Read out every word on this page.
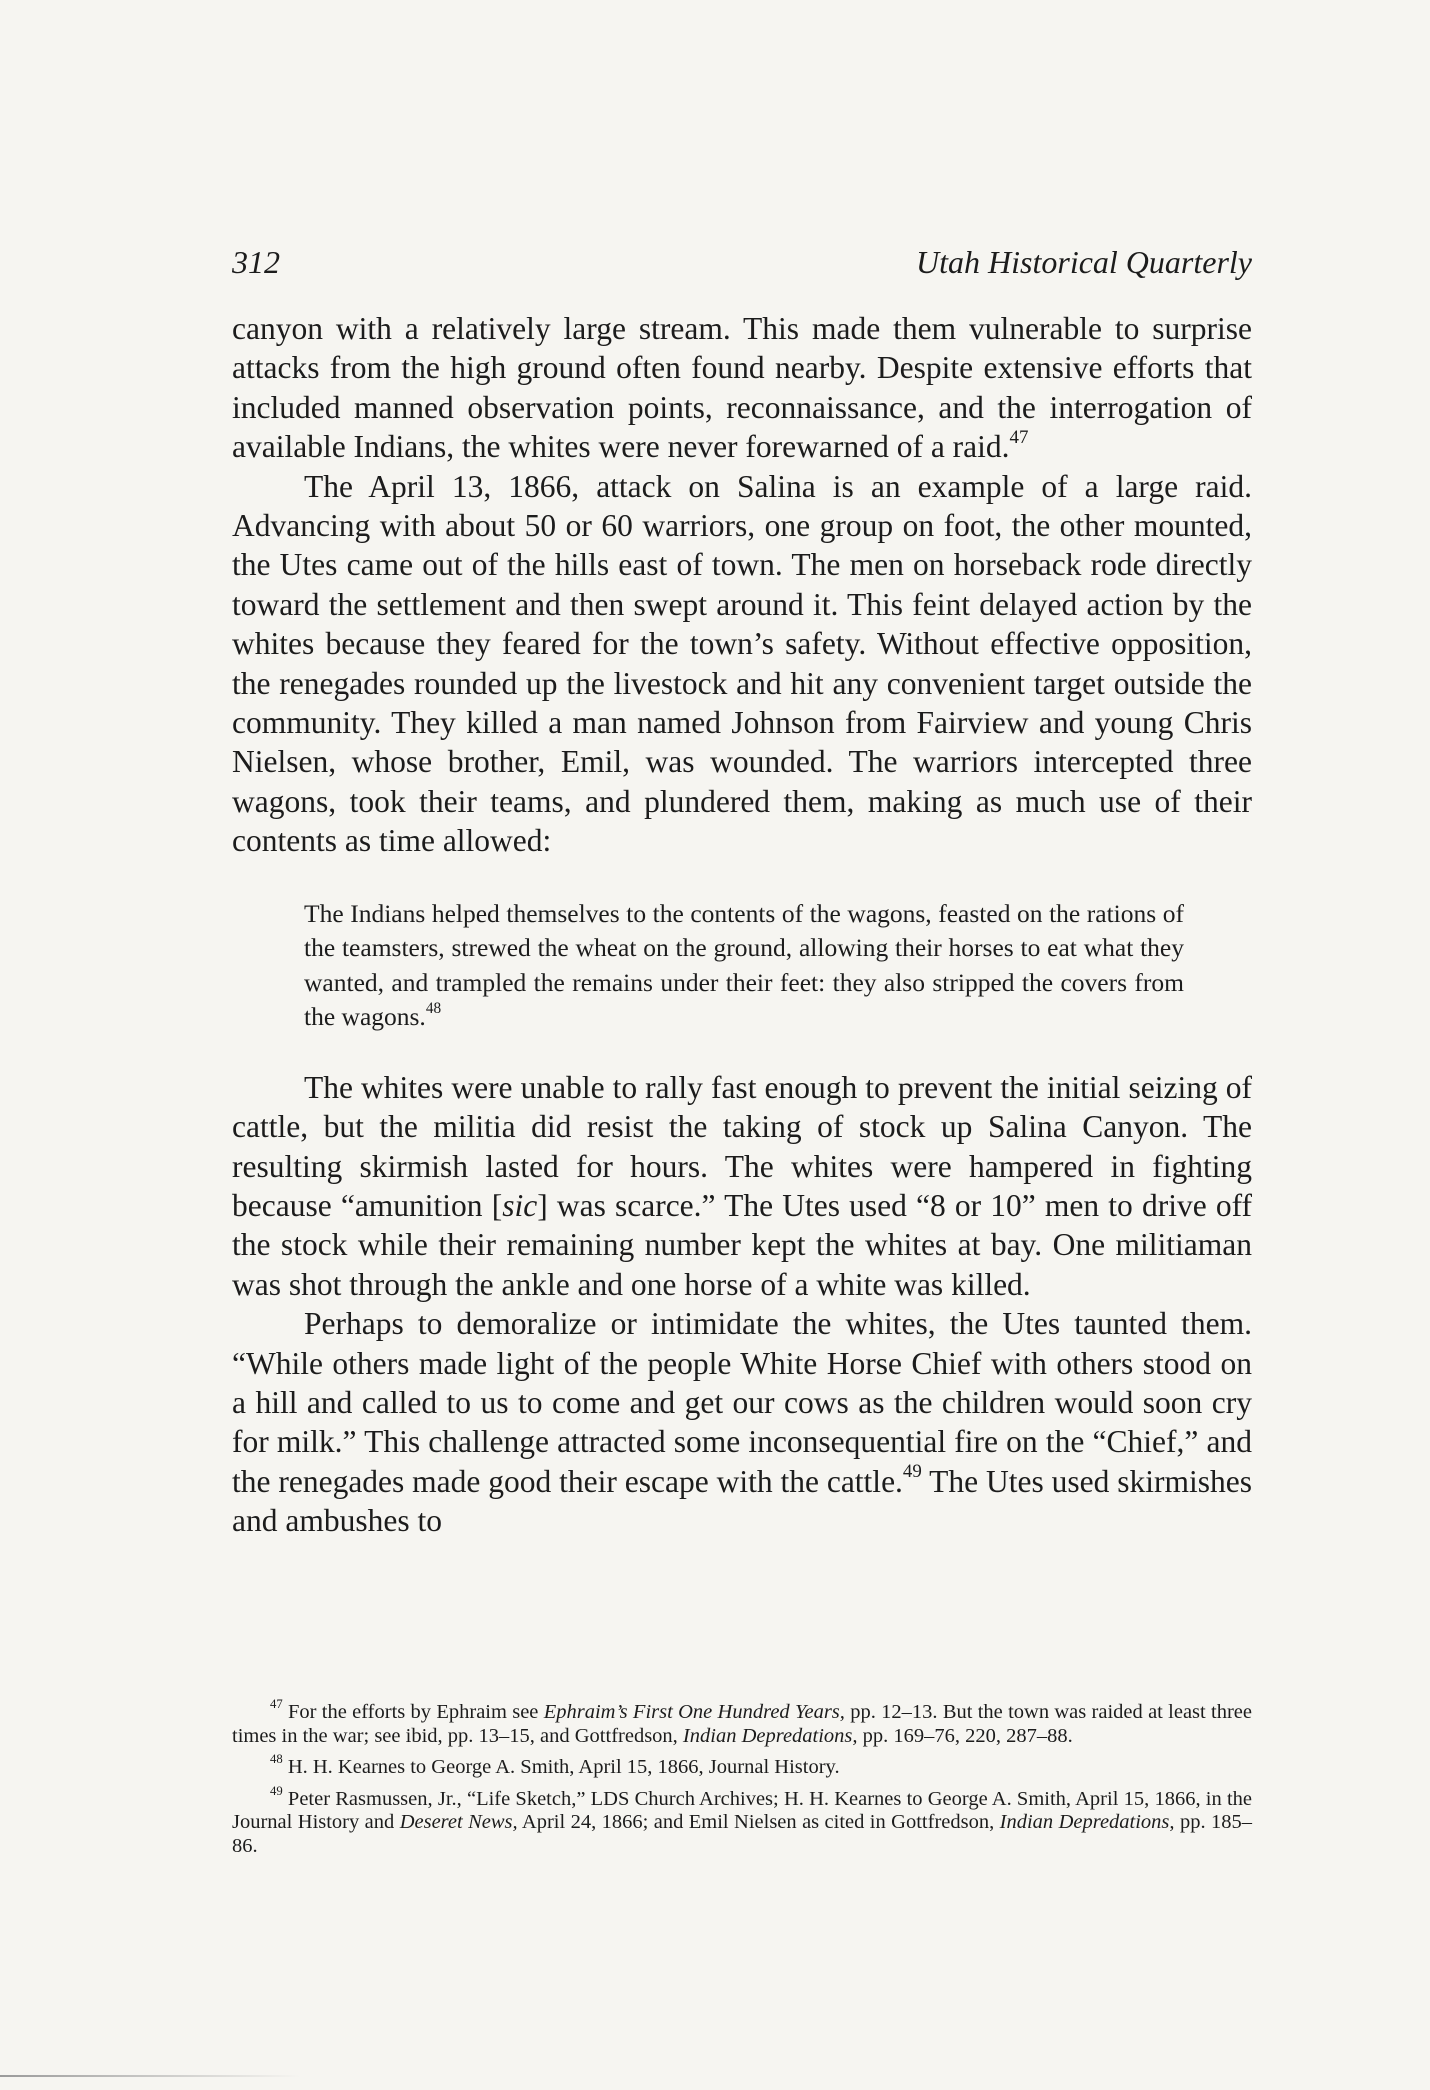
312	Utah Historical Quarterly

canyon with a relatively large stream. This made them vulnerable to surprise attacks from the high ground often found nearby. Despite extensive efforts that included manned observation points, reconnaissance, and the interrogation of available Indians, the whites were never forewarned of a raid.$^{47}$

The April 13, 1866, attack on Salina is an example of a large raid. Advancing with about 50 or 60 warriors, one group on foot, the other mounted, the Utes came out of the hills east of town. The men on horseback rode directly toward the settlement and then swept around it. This feint delayed action by the whites because they feared for the town’s safety. Without effective opposition, the renegades rounded up the livestock and hit any convenient target outside the community. They killed a man named Johnson from Fairview and young Chris Nielsen, whose brother, Emil, was wounded. The warriors intercepted three wagons, took their teams, and plundered them, making as much use of their contents as time allowed:

The Indians helped themselves to the contents of the wagons, feasted on the rations of the teamsters, strewed the wheat on the ground, allowing their horses to eat what they wanted, and trampled the remains under their feet: they also stripped the covers from the wagons.$^{48}$

The whites were unable to rally fast enough to prevent the initial seizing of cattle, but the militia did resist the taking of stock up Salina Canyon. The resulting skirmish lasted for hours. The whites were hampered in fighting because “amunition [sic] was scarce.” The Utes used “8 or 10” men to drive off the stock while their remaining number kept the whites at bay. One militiaman was shot through the ankle and one horse of a white was killed.

Perhaps to demoralize or intimidate the whites, the Utes taunted them. “While others made light of the people White Horse Chief with others stood on a hill and called to us to come and get our cows as the children would soon cry for milk.” This challenge attracted some inconsequential fire on the “Chief,” and the renegades made good their escape with the cattle.$^{49}$ The Utes used skirmishes and ambushes to

$^{47}$ For the efforts by Ephraim see Ephraim’s First One Hundred Years, pp. 12–13. But the town was raided at least three times in the war; see ibid, pp. 13–15, and Gottfredson, Indian Depredations, pp. 169–76, 220, 287–88.

$^{48}$ H. H. Kearnes to George A. Smith, April 15, 1866, Journal History.

$^{49}$ Peter Rasmussen, Jr., “Life Sketch,” LDS Church Archives; H. H. Kearnes to George A. Smith, April 15, 1866, in the Journal History and Deseret News, April 24, 1866; and Emil Nielsen as cited in Gottfredson, Indian Depredations, pp. 185–86.
